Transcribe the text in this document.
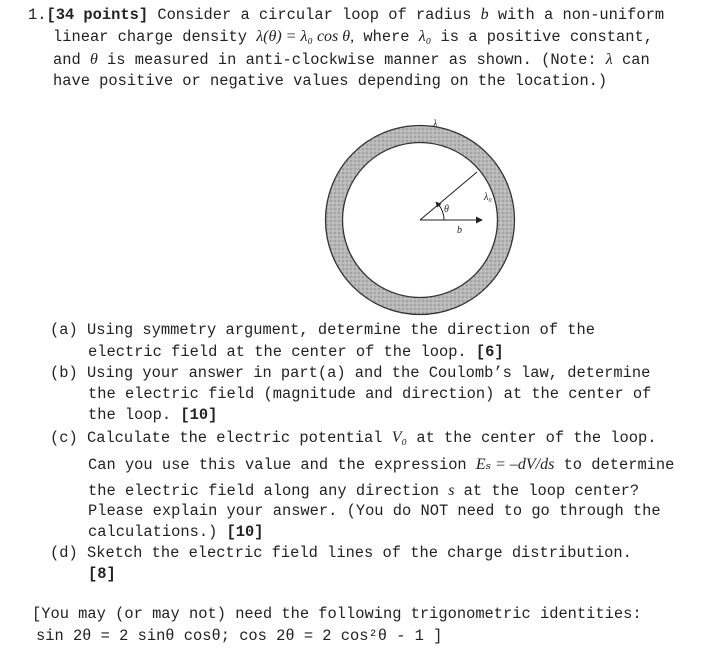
1.[34 points] Consider a circular loop of radius b with a non-uniform
linear charge density λ(θ) = λ₀ cos θ, where λ₀ is a positive constant,
and θ is measured in anti-clockwise manner as shown. (Note: λ can
have positive or negative values depending on the location.)
θ
b
λ₀
λ
(a) Using symmetry argument, determine the direction of the
electric field at the center of the loop. [6]
(b) Using your answer in part(a) and the Coulomb’s law, determine
the electric field (magnitude and direction) at the center of
the loop. [10]
(c) Calculate the electric potential V₀ at the center of the loop.
Can you use this value and the expression Eₛ = –dV/ds to determine
the electric field along any direction s at the loop center?
Please explain your answer. (You do NOT need to go through the
calculations.) [10]
(d) Sketch the electric field lines of the charge distribution.
[8]
[You may (or may not) need the following trigonometric identities:
sin 2θ = 2 sinθ cosθ; cos 2θ = 2 cos²θ - 1 ]
